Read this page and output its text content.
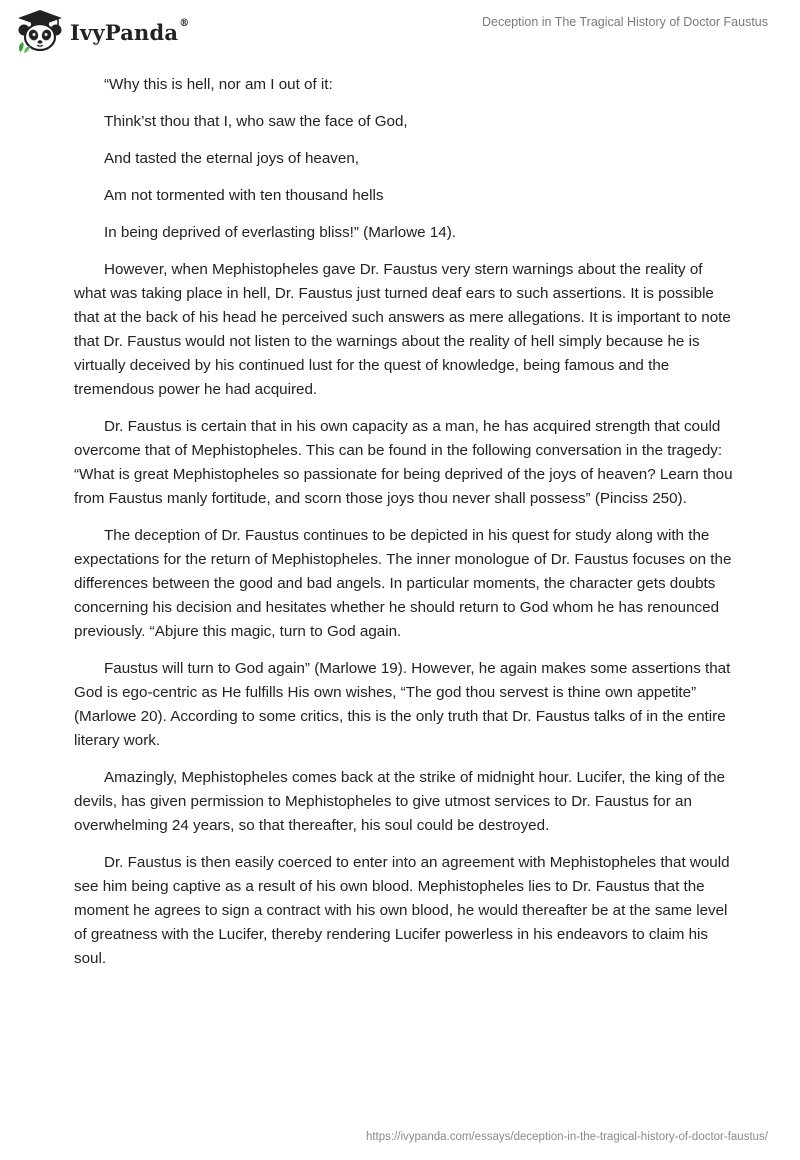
IvyPanda®	Deception in The Tragical History of Doctor Faustus

“Why this is hell, nor am I out of it:

Think’st thou that I, who saw the face of God,

And tasted the eternal joys of heaven,

Am not tormented with ten thousand hells

In being deprived of everlasting bliss!” (Marlowe 14).

However, when Mephistopheles gave Dr. Faustus very stern warnings about the reality of what was taking place in hell, Dr. Faustus just turned deaf ears to such assertions. It is possible that at the back of his head he perceived such answers as mere allegations. It is important to note that Dr. Faustus would not listen to the warnings about the reality of hell simply because he is virtually deceived by his continued lust for the quest of knowledge, being famous and the tremendous power he had acquired.

Dr. Faustus is certain that in his own capacity as a man, he has acquired strength that could overcome that of Mephistopheles. This can be found in the following conversation in the tragedy: “What is great Mephistopheles so passionate for being deprived of the joys of heaven? Learn thou from Faustus manly fortitude, and scorn those joys thou never shall possess” (Pinciss 250).

The deception of Dr. Faustus continues to be depicted in his quest for study along with the expectations for the return of Mephistopheles. The inner monologue of Dr. Faustus focuses on the differences between the good and bad angels. In particular moments, the character gets doubts concerning his decision and hesitates whether he should return to God whom he has renounced previously. “Abjure this magic, turn to God again.

Faustus will turn to God again” (Marlowe 19). However, he again makes some assertions that God is ego-centric as He fulfills His own wishes, “The god thou servest is thine own appetite” (Marlowe 20). According to some critics, this is the only truth that Dr. Faustus talks of in the entire literary work.

Amazingly, Mephistopheles comes back at the strike of midnight hour. Lucifer, the king of the devils, has given permission to Mephistopheles to give utmost services to Dr. Faustus for an overwhelming 24 years, so that thereafter, his soul could be destroyed.

Dr. Faustus is then easily coerced to enter into an agreement with Mephistopheles that would see him being captive as a result of his own blood. Mephistopheles lies to Dr. Faustus that the moment he agrees to sign a contract with his own blood, he would thereafter be at the same level of greatness with the Lucifer, thereby rendering Lucifer powerless in his endeavors to claim his soul.

https://ivypanda.com/essays/deception-in-the-tragical-history-of-doctor-faustus/
